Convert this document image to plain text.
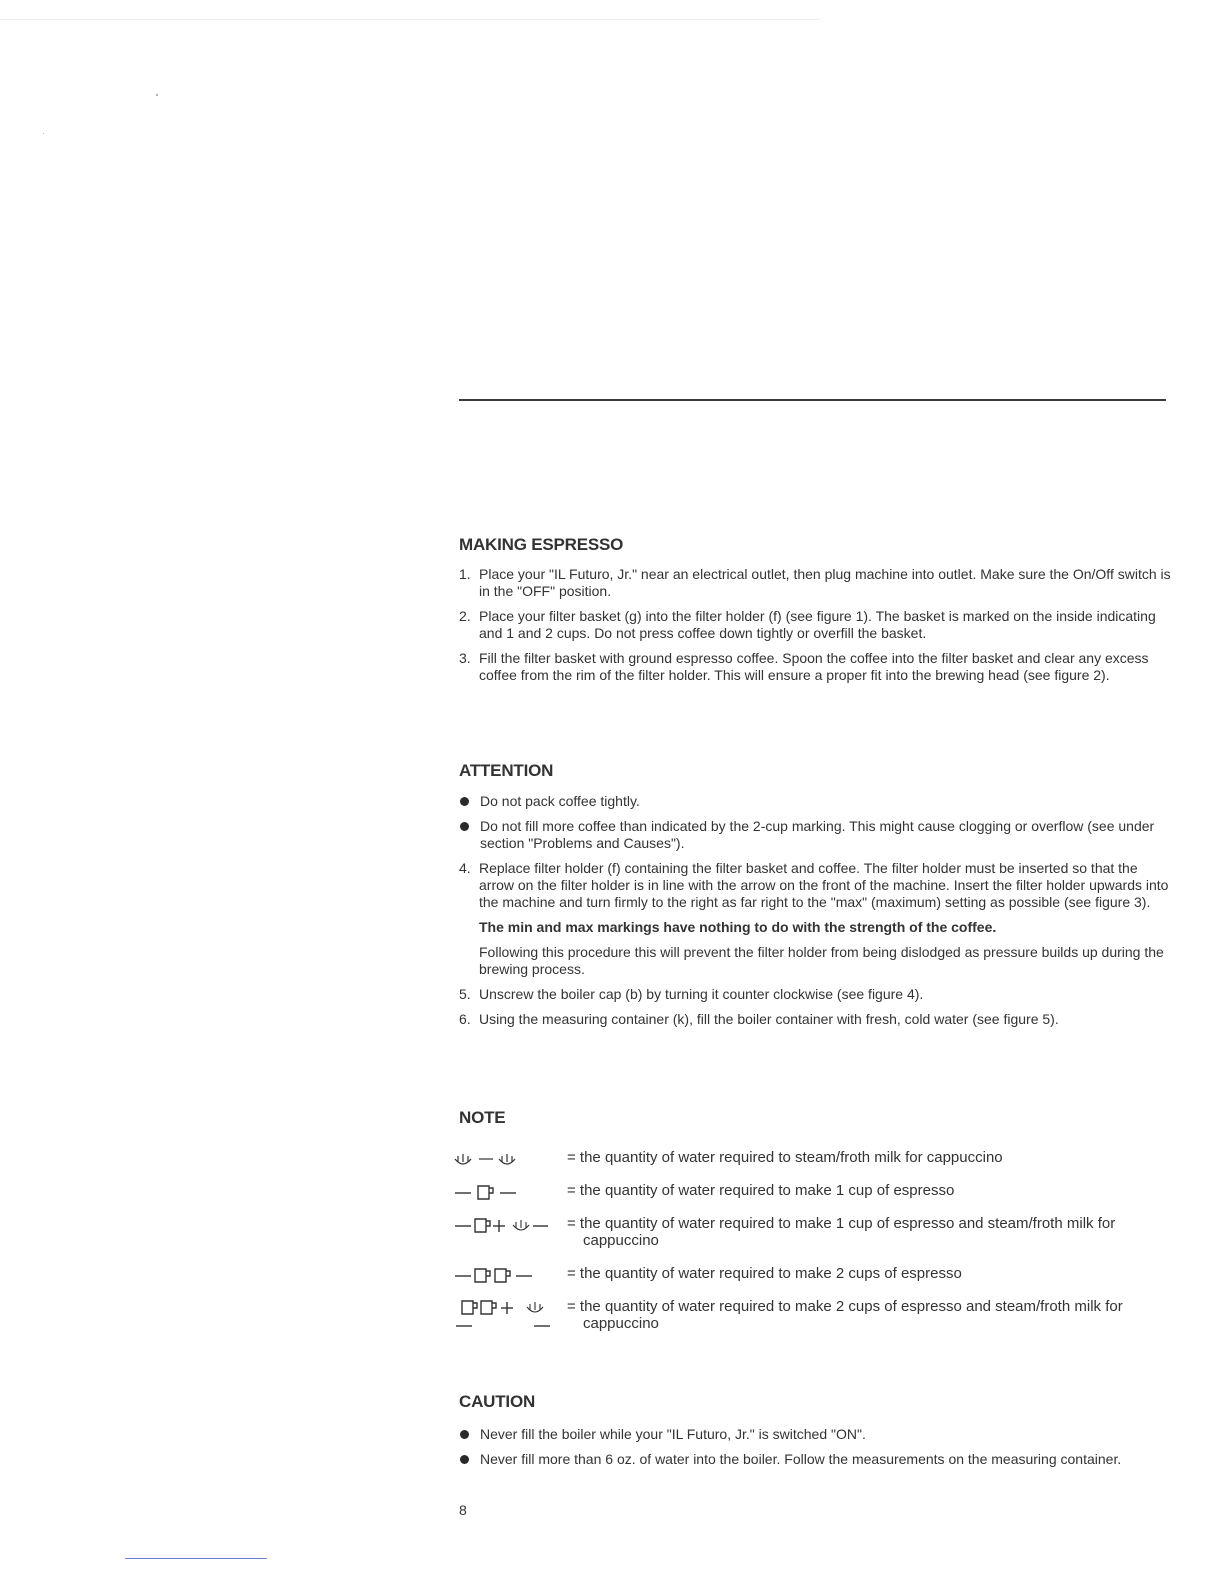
MAKING ESPRESSO
1. Place your "IL Futuro, Jr." near an electrical outlet, then plug machine into outlet. Make sure the On/Off switch is in the "OFF" position.
2. Place your filter basket (g) into the filter holder (f) (see figure 1). The basket is marked on the inside indicating and 1 and 2 cups. Do not press coffee down tightly or overfill the basket.
3. Fill the filter basket with ground espresso coffee. Spoon the coffee into the filter basket and clear any excess coffee from the rim of the filter holder. This will ensure a proper fit into the brewing head (see figure 2).
ATTENTION
Do not pack coffee tightly.
Do not fill more coffee than indicated by the 2-cup marking. This might cause clogging or overflow (see under section "Problems and Causes").
4. Replace filter holder (f) containing the filter basket and coffee. The filter holder must be inserted so that the arrow on the filter holder is in line with the arrow on the front of the machine. Insert the filter holder upwards into the machine and turn firmly to the right as far right to the "max" (maximum) setting as possible (see figure 3).
The min and max markings have nothing to do with the strength of the coffee.
Following this procedure this will prevent the filter holder from being dislodged as pressure builds up during the brewing process.
5. Unscrew the boiler cap (b) by turning it counter clockwise (see figure 4).
6. Using the measuring container (k), fill the boiler container with fresh, cold water (see figure 5).
NOTE
= the quantity of water required to steam/froth milk for cappuccino
= the quantity of water required to make 1 cup of espresso
= the quantity of water required to make 1 cup of espresso and steam/froth milk for cappuccino
= the quantity of water required to make 2 cups of espresso
= the quantity of water required to make 2 cups of espresso and steam/froth milk for cappuccino
CAUTION
Never fill the boiler while your "IL Futuro, Jr." is switched "ON".
Never fill more than 6 oz. of water into the boiler. Follow the measurements on the measuring container.
8
